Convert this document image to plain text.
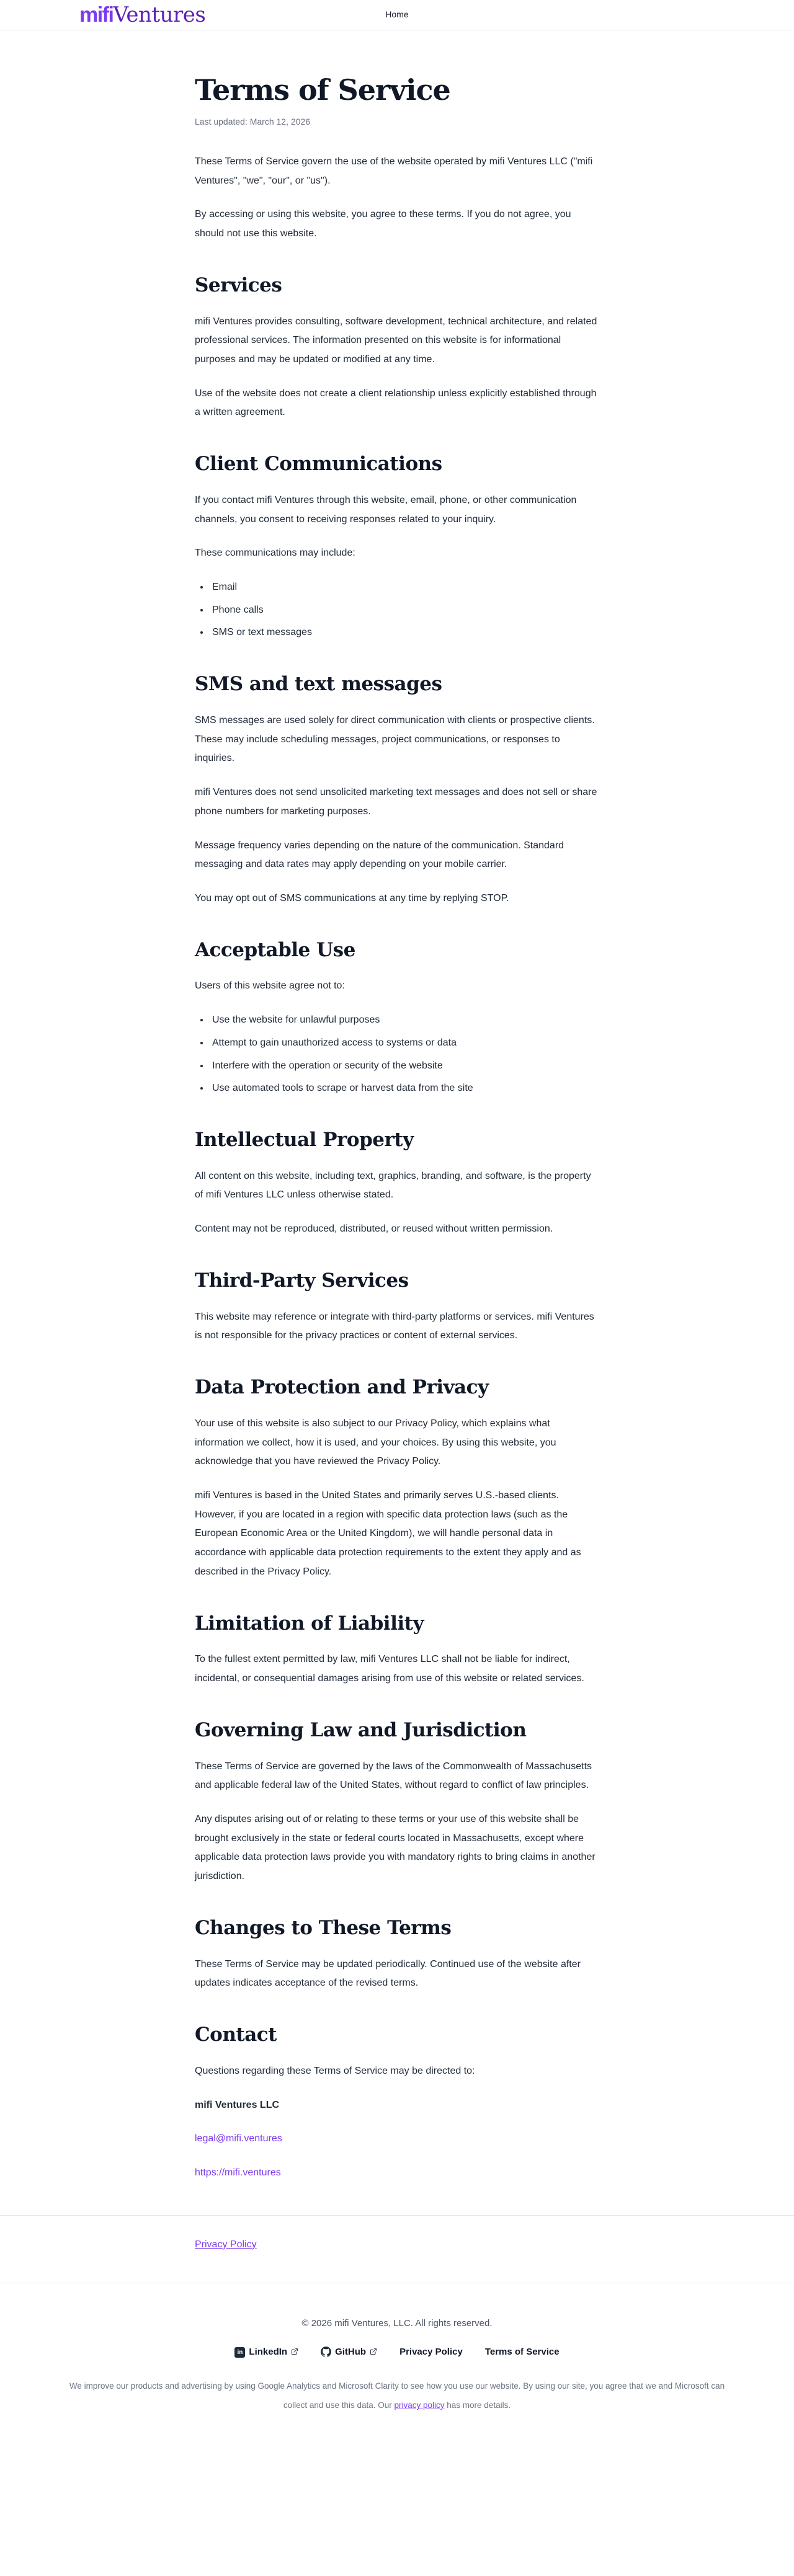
mifiVentures	Home
Terms of Service

Last updated: March 12, 2026

These Terms of Service govern the use of the website operated by mifi Ventures LLC ("mifi Ventures", "we", "our", or "us").

By accessing or using this website, you agree to these terms. If you do not agree, you should not use this website.

Services

mifi Ventures provides consulting, software development, technical architecture, and related professional services. The information presented on this website is for informational purposes and may be updated or modified at any time.

Use of the website does not create a client relationship unless explicitly established through a written agreement.

Client Communications

If you contact mifi Ventures through this website, email, phone, or other communication channels, you consent to receiving responses related to your inquiry.

These communications may include:

• Email
• Phone calls
• SMS or text messages
SMS and text messages

SMS messages are used solely for direct communication with clients or prospective clients. These may include scheduling messages, project communications, or responses to inquiries.

mifi Ventures does not send unsolicited marketing text messages and does not sell or share phone numbers for marketing purposes.

Message frequency varies depending on the nature of the communication. Standard messaging and data rates may apply depending on your mobile carrier.

You may opt out of SMS communications at any time by replying STOP.

Acceptable Use

Users of this website agree not to:

• Use the website for unlawful purposes
• Attempt to gain unauthorized access to systems or data
• Interfere with the operation or security of the website
• Use automated tools to scrape or harvest data from the site
Intellectual Property

All content on this website, including text, graphics, branding, and software, is the property of mifi Ventures LLC unless otherwise stated.

Content may not be reproduced, distributed, or reused without written permission.

Third-Party Services

This website may reference or integrate with third-party platforms or services. mifi Ventures is not responsible for the privacy practices or content of external services.

Data Protection and Privacy

Your use of this website is also subject to our Privacy Policy, which explains what information we collect, how it is used, and your choices. By using this website, you acknowledge that you have reviewed the Privacy Policy.

mifi Ventures is based in the United States and primarily serves U.S.-based clients. However, if you are located in a region with specific data protection laws (such as the European Economic Area or the United Kingdom), we will handle personal data in accordance with applicable data protection requirements to the extent they apply and as described in the Privacy Policy.

Limitation of Liability

To the fullest extent permitted by law, mifi Ventures LLC shall not be liable for indirect, incidental, or consequential damages arising from use of this website or related services.

Governing Law and Jurisdiction

These Terms of Service are governed by the laws of the Commonwealth of Massachusetts and applicable federal law of the United States, without regard to conflict of law principles.

Any disputes arising out of or relating to these terms or your use of this website shall be brought exclusively in the state or federal courts located in Massachusetts, except where applicable data protection laws provide you with mandatory rights to bring claims in another jurisdiction.

Changes to These Terms

These Terms of Service may be updated periodically. Continued use of the website after updates indicates acceptance of the revised terms.

Contact

Questions regarding these Terms of Service may be directed to:

mifi Ventures LLC

legal@mifi.ventures
https://mifi.ventures
Privacy Policy

© 2026 mifi Ventures, LLC. All rights reserved.

in LinkedIn	GitHub	Privacy Policy Terms of Service

We improve our products and advertising by using Google Analytics and Microsoft Clarity to see how you use our website. By using our site, you agree that we and Microsoft can collect and use this data. Our privacy policy has more details.
